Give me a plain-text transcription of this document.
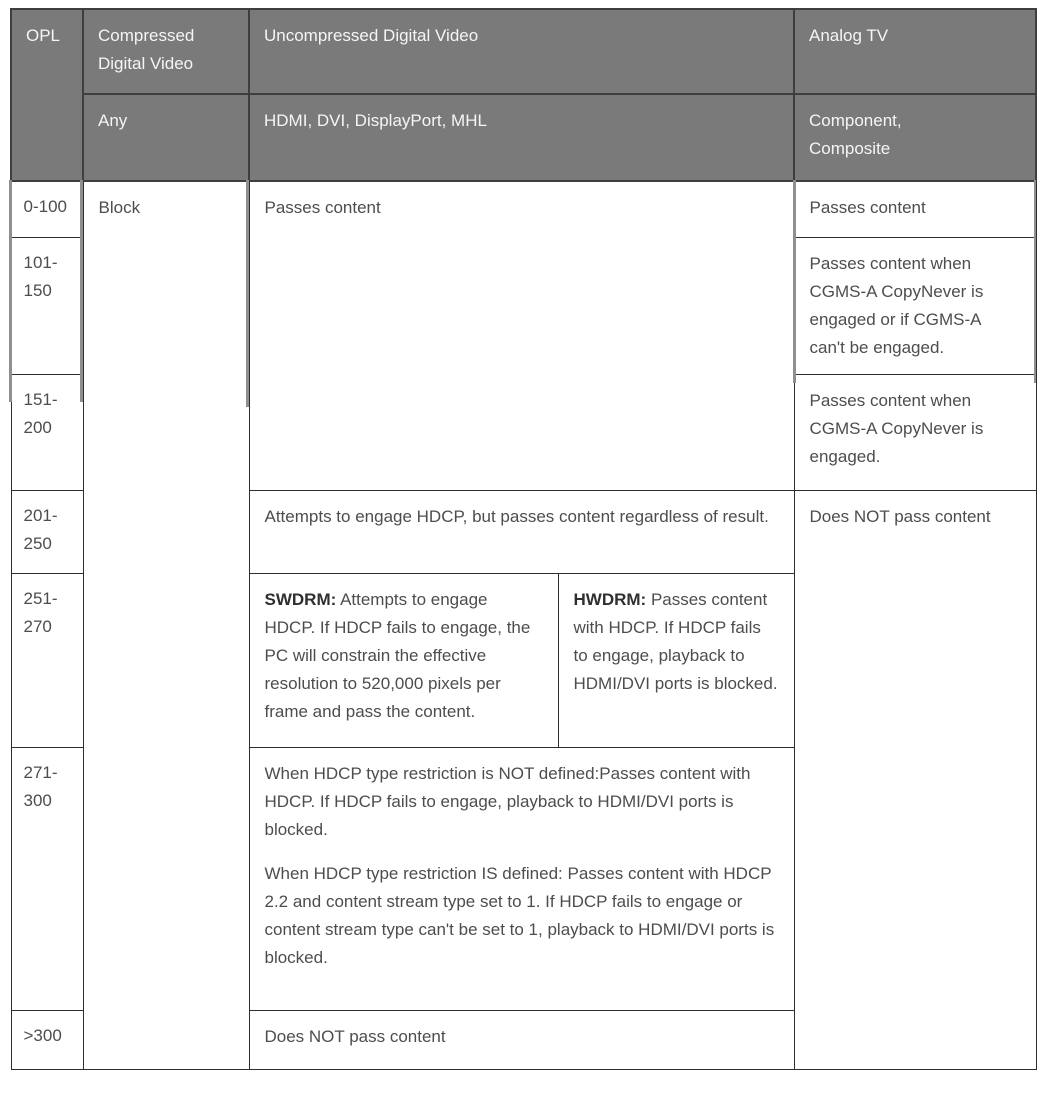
OPL	Compressed Digital Video	Uncompressed Digital Video		Analog TV
	Any	HDMI, DVI, DisplayPort, MHL		Component, Composite

0-100	Block	Passes content		Passes content
101-150				Passes content when CGMS-A CopyNever is engaged or if CGMS-A can't be engaged.
151-200				Passes content when CGMS-A CopyNever is engaged.
201-250		Attempts to engage HDCP, but passes content regardless of result.		Does NOT pass content
251-270		SWDRM: Attempts to engage HDCP. If HDCP fails to engage, the PC will constrain the effective resolution to 520,000 pixels per frame and pass the content.	HWDRM: Passes content with HDCP. If HDCP fails to engage, playback to HDMI/DVI ports is blocked.	
271-300		When HDCP type restriction is NOT defined:Passes content with HDCP. If HDCP fails to engage, playback to HDMI/DVI ports is blocked.

When HDCP type restriction IS defined: Passes content with HDCP 2.2 and content stream type set to 1. If HDCP fails to engage or content stream type can't be set to 1, playback to HDMI/DVI ports is blocked.		

>300		Does NOT pass content		
